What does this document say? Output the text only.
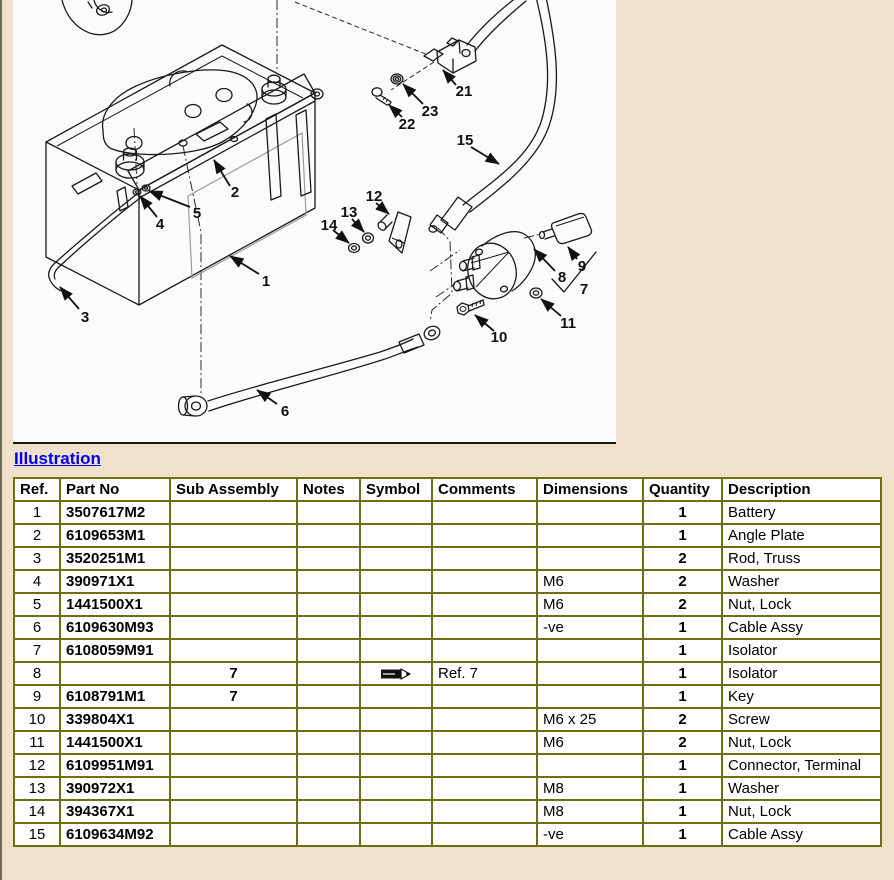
1
2
3
4
5
6
7
8
9
10
11
12
13
14
15
21
22
23
Illustration
Ref.	Part No	Sub Assembly	Notes	Symbol	Comments	Dimensions	Quantity	Description
1	3507617M2						1	Battery
2	6109653M1						1	Angle Plate
3	3520251M1						2	Rod, Truss
4	390971X1					M6	2	Washer
5	1441500X1					M6	2	Nut, Lock
6	6109630M93					-ve	1	Cable Assy
7	6108059M91						1	Isolator
8		7			Ref. 7		1	Isolator
9	6108791M1	7					1	Key
10	339804X1					M6 x 25	2	Screw
11	1441500X1					M6	2	Nut, Lock
12	6109951M91						1	Connector, Terminal
13	390972X1					M8	1	Washer
14	394367X1					M8	1	Nut, Lock
15	6109634M92					-ve	1	Cable Assy
